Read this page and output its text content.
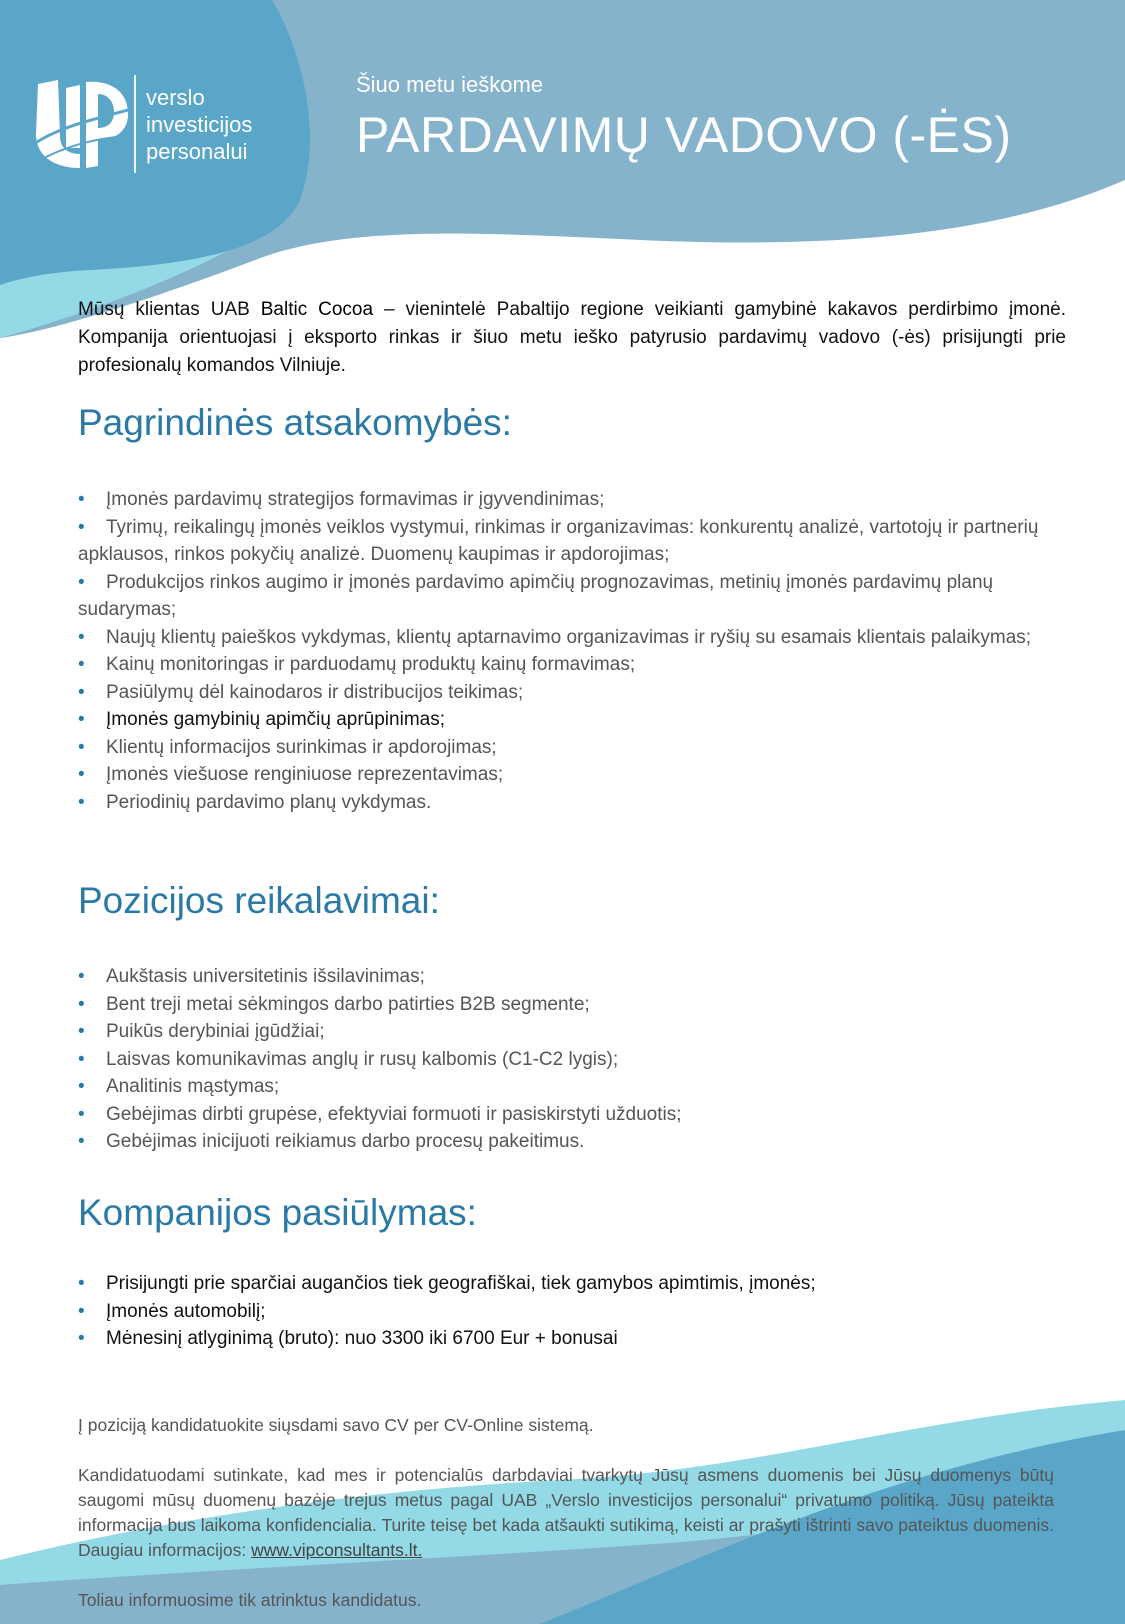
verslo
investicijos
personalui
Šiuo metu ieškome
PARDAVIMŲ VADOVO (-ĖS)

Mūsų klientas UAB Baltic Cocoa – vienintelė Pabaltijo regione veikianti gamybinė kakavos perdirbimo įmonė. Kompanija orientuojasi į eksporto rinkas ir šiuo metu ieško patyrusio pardavimų vadovo (-ės) prisijungti prie profesionalų komandos Vilniuje.

Pagrindinės atsakomybės:
• Įmonės pardavimų strategijos formavimas ir įgyvendinimas;
• Tyrimų, reikalingų įmonės veiklos vystymui, rinkimas ir organizavimas: konkurentų analizė, vartotojų ir partnerių apklausos, rinkos pokyčių analizė. Duomenų kaupimas ir apdorojimas;
• Produkcijos rinkos augimo ir įmonės pardavimo apimčių prognozavimas, metinių įmonės pardavimų planų sudarymas;
• Naujų klientų paieškos vykdymas, klientų aptarnavimo organizavimas ir ryšių su esamais klientais palaikymas;
• Kainų monitoringas ir parduodamų produktų kainų formavimas;
• Pasiūlymų dėl kainodaros ir distribucijos teikimas;
• Įmonės gamybinių apimčių aprūpinimas;
• Klientų informacijos surinkimas ir apdorojimas;
• Įmonės viešuose renginiuose reprezentavimas;
• Periodinių pardavimo planų vykdymas.
Pozicijos reikalavimai:
• Aukštasis universitetinis išsilavinimas;
• Bent treji metai sėkmingos darbo patirties B2B segmente;
• Puikūs derybiniai įgūdžiai;
• Laisvas komunikavimas anglų ir rusų kalbomis (C1-C2 lygis);
• Analitinis mąstymas;
• Gebėjimas dirbti grupėse, efektyviai formuoti ir pasiskirstyti užduotis;
• Gebėjimas inicijuoti reikiamus darbo procesų pakeitimus.
Kompanijos pasiūlymas:
• Prisijungti prie sparčiai augančios tiek geografiškai, tiek gamybos apimtimis, įmonės;
• Įmonės automobilį;
• Mėnesinį atlyginimą (bruto): nuo 3300 iki 6700 Eur + bonusai

Į poziciją kandidatuokite siųsdami savo CV per CV-Online sistemą.

Kandidatuodami sutinkate, kad mes ir potencialūs darbdaviai tvarkytų Jūsų asmens duomenis bei Jūsų duomenys būtų saugomi mūsų duomenų bazėje trejus metus pagal UAB „Verslo investicijos personalui“ privatumo politiką. Jūsų pateikta informacija bus laikoma konfidencialia. Turite teisę bet kada atšaukti sutikimą, keisti ar prašyti ištrinti savo pateiktus duomenis. Daugiau informacijos: www.vipconsultants.lt.

Toliau informuosime tik atrinktus kandidatus.
